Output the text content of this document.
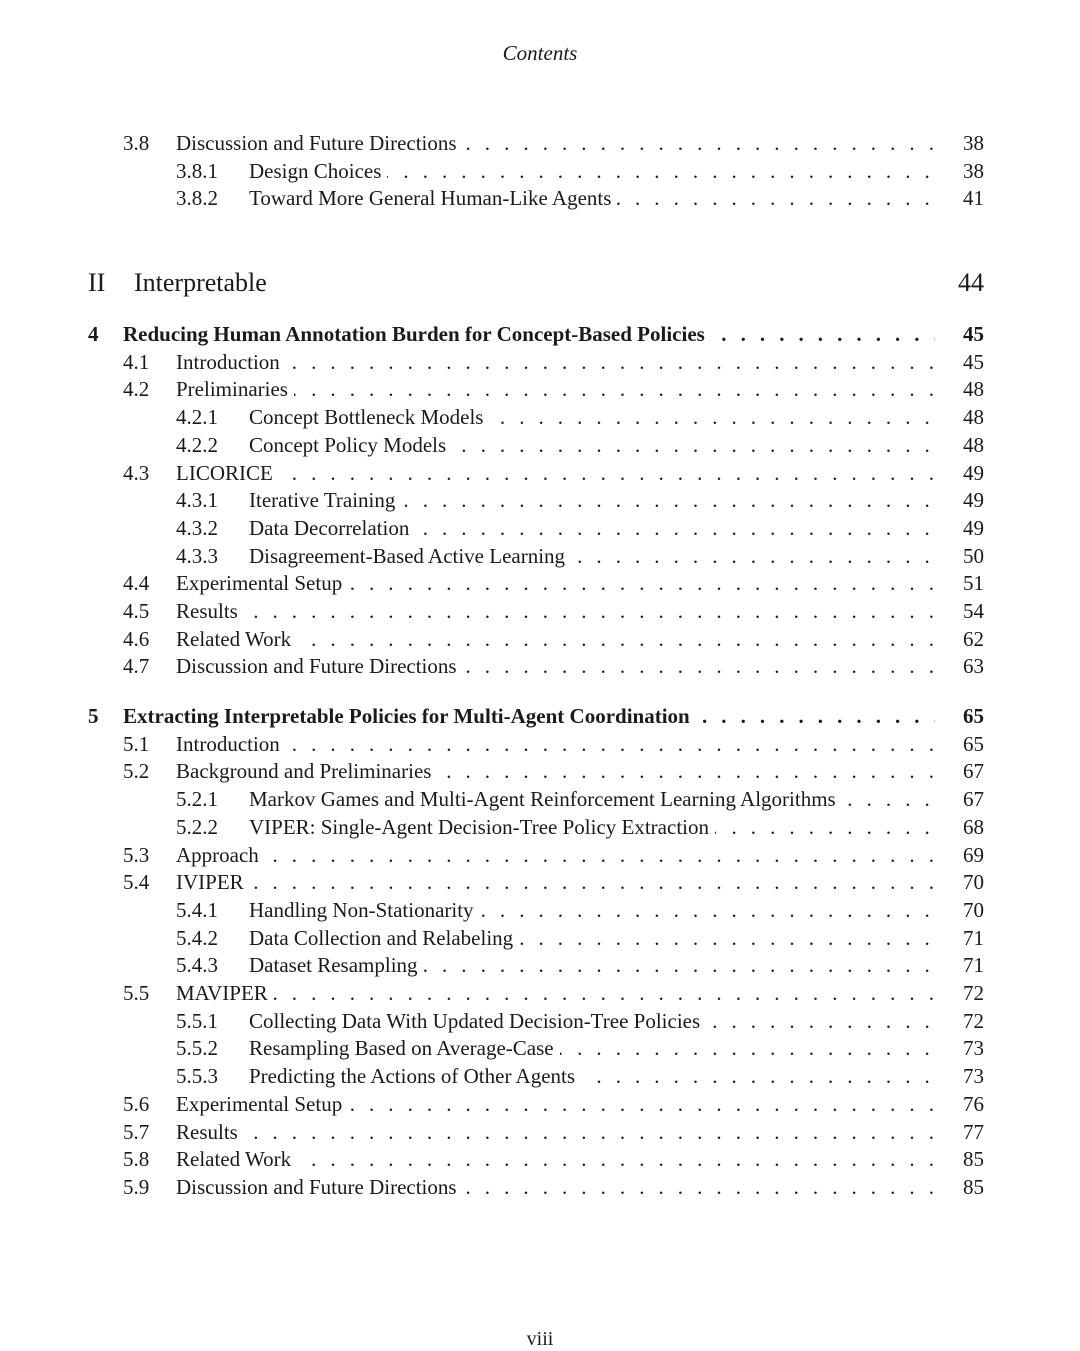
Contents
II Interpretable	44
3.8 Discussion and Future Directions . . .	38
3.8.1 Design Choices . . .	38
3.8.2 Toward More General Human-Like Agents . . .	41
4 Reducing Human Annotation Burden for Concept-Based Policies . . .	45
4.1 Introduction . . .	45
4.2 Preliminaries . . .	48
4.2.1 Concept Bottleneck Models . . .	48
4.2.2 Concept Policy Models . . .	48
4.3 LICORICE . . .	49
4.3.1 Iterative Training . . .	49
4.3.2 Data Decorrelation . . .	49
4.3.3 Disagreement-Based Active Learning . . .	50
4.4 Experimental Setup . . .	51
4.5 Results . . .	54
4.6 Related Work . . .	62
4.7 Discussion and Future Directions . . .	63
5 Extracting Interpretable Policies for Multi-Agent Coordination . . .	65
5.1 Introduction . . .	65
5.2 Background and Preliminaries . . .	67
5.2.1 Markov Games and Multi-Agent Reinforcement Learning Algorithms . . .	67
5.2.2 VIPER: Single-Agent Decision-Tree Policy Extraction . . .	68
5.3 Approach . . .	69
5.4 IVIPER . . .	70
5.4.1 Handling Non-Stationarity . . .	70
5.4.2 Data Collection and Relabeling . . .	71
5.4.3 Dataset Resampling . . .	71
5.5 MAVIPER . . .	72
5.5.1 Collecting Data With Updated Decision-Tree Policies . . .	72
5.5.2 Resampling Based on Average-Case . . .	73
5.5.3 Predicting the Actions of Other Agents . . .	73
5.6 Experimental Setup . . .	76
5.7 Results . . .	77
5.8 Related Work . . .	85
5.9 Discussion and Future Directions . . .	85
viii
